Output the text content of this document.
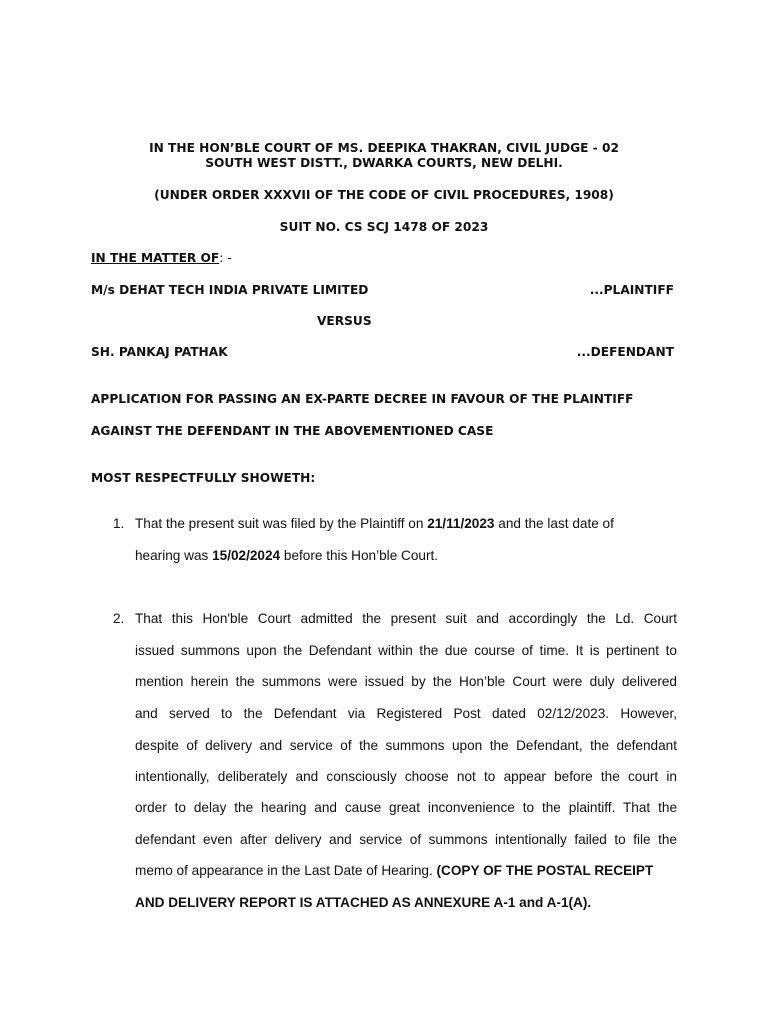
IN THE HON’BLE COURT OF MS. DEEPIKA THAKRAN, CIVIL JUDGE - 02
SOUTH WEST DISTT., DWARKA COURTS, NEW DELHI.
(UNDER ORDER XXXVII OF THE CODE OF CIVIL PROCEDURES, 1908)
SUIT NO. CS SCJ 1478 OF 2023
IN THE MATTER OF: -
M/s DEHAT TECH INDIA PRIVATE LIMITED	...PLAINTIFF
VERSUS
SH. PANKAJ PATHAK	...DEFENDANT
APPLICATION FOR PASSING AN EX-PARTE DECREE IN FAVOUR OF THE PLAINTIFF
AGAINST THE DEFENDANT IN THE ABOVEMENTIONED CASE
MOST RESPECTFULLY SHOWETH:
1. That the present suit was filed by the Plaintiff on 21/11/2023 and the last date of
hearing was 15/02/2024 before this Hon’ble Court.
2. That this Hon'ble Court admitted the present suit and accordingly the Ld. Court
issued summons upon the Defendant within the due course of time. It is pertinent to
mention herein the summons were issued by the Hon’ble Court were duly delivered
and served to the Defendant via Registered Post dated 02/12/2023. However,
despite of delivery and service of the summons upon the Defendant, the defendant
intentionally, deliberately and consciously choose not to appear before the court in
order to delay the hearing and cause great inconvenience to the plaintiff. That the
defendant even after delivery and service of summons intentionally failed to file the
memo of appearance in the Last Date of Hearing. (COPY OF THE POSTAL RECEIPT
AND DELIVERY REPORT IS ATTACHED AS ANNEXURE A-1 and A-1(A).
